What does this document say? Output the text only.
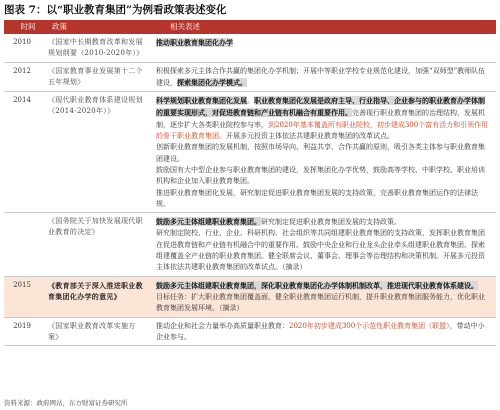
图表 7：以“职业教育集团”为例看政策表述变化
时间	政策	相关表述
2010	《国家中长期教育改革和发展规划纲要（2010-2020年）》
推动职业教育集团化办学
2012	《国家教育事业发展第十二个五年规划》
积极探索多元主体合作共赢的集团化办学机制；开展中等职业学校专业规范化建设，加强“双师型”教师队伍建设，探索集团化办学模式。
2014	《现代职业教育体系建设规划（2014-2020年）》
科学规划职业教育集团化发展。职业教育集团化发展是政府主导、行业指导、企业参与的职业教育办学体制的重要实现形式，对促进教育链和产业链有机融合有重要作用。完善现行职业教育集团的治理结构，发展机制，逐步扩大各类职业院校参与率，到2020年基本覆盖所有职业院校，初步建成300个富有活力和引领作用的骨干职业教育集团。开展多元投资主体依法共建职业教育集团的改革试点。
创新职业教育集团的发展机制，按照市场导向、利益共享、合作共赢的原则，吸引各类主体参与职业教育集团建设。
鼓励国有大中型企业参与职业教育集团的建设，发挥集团化办学优势，鼓励高等学校、中职学校、职业培训机构和企业加入职业教育集团。
推进职业教育集团化发展，研究制定促进职业教育集团发展的支持政策，完善职业教育集团运作的法律法规。
《国务院关于加快发展现代职业教育的决定》
鼓励多元主体组建职业教育集团。研究制定促进职业教育集团发展的支持政策。
研究制定院校、行业、企业、科研机构、社会组织等共同组建职业教育集团的支持政策，发挥职业教育集团在促进教育链和产业链有机融合中的重要作用。鼓励中央企业和行业龙头企业牵头组建职业教育集团。探索组建覆盖全产业链的职业教育集团。健全联席会议、董事会、理事会等治理结构和决策机制。开展多元投资主体依法共建职业教育集团的改革试点。（摘录）
2015	《教育部关于深入推进职业教育集团化办学的意见》
鼓励多元主体组建职业教育集团，深化职业教育集团化办学体制机制改革，推进现代职业教育体系建设。
目标任务：扩大职业教育集团覆盖面，健全职业教育集团运行机制，提升职业教育集团服务能力，优化职业教育集团发展环境。（摘录）
2019	《国家职业教育改革实施方案》
推动企业和社会力量举办高质量职业教育：2020年初步建成300个示范性职业教育集团（联盟），带动中小企业参与。
资料来源：政府网站，东方财富证券研究所
